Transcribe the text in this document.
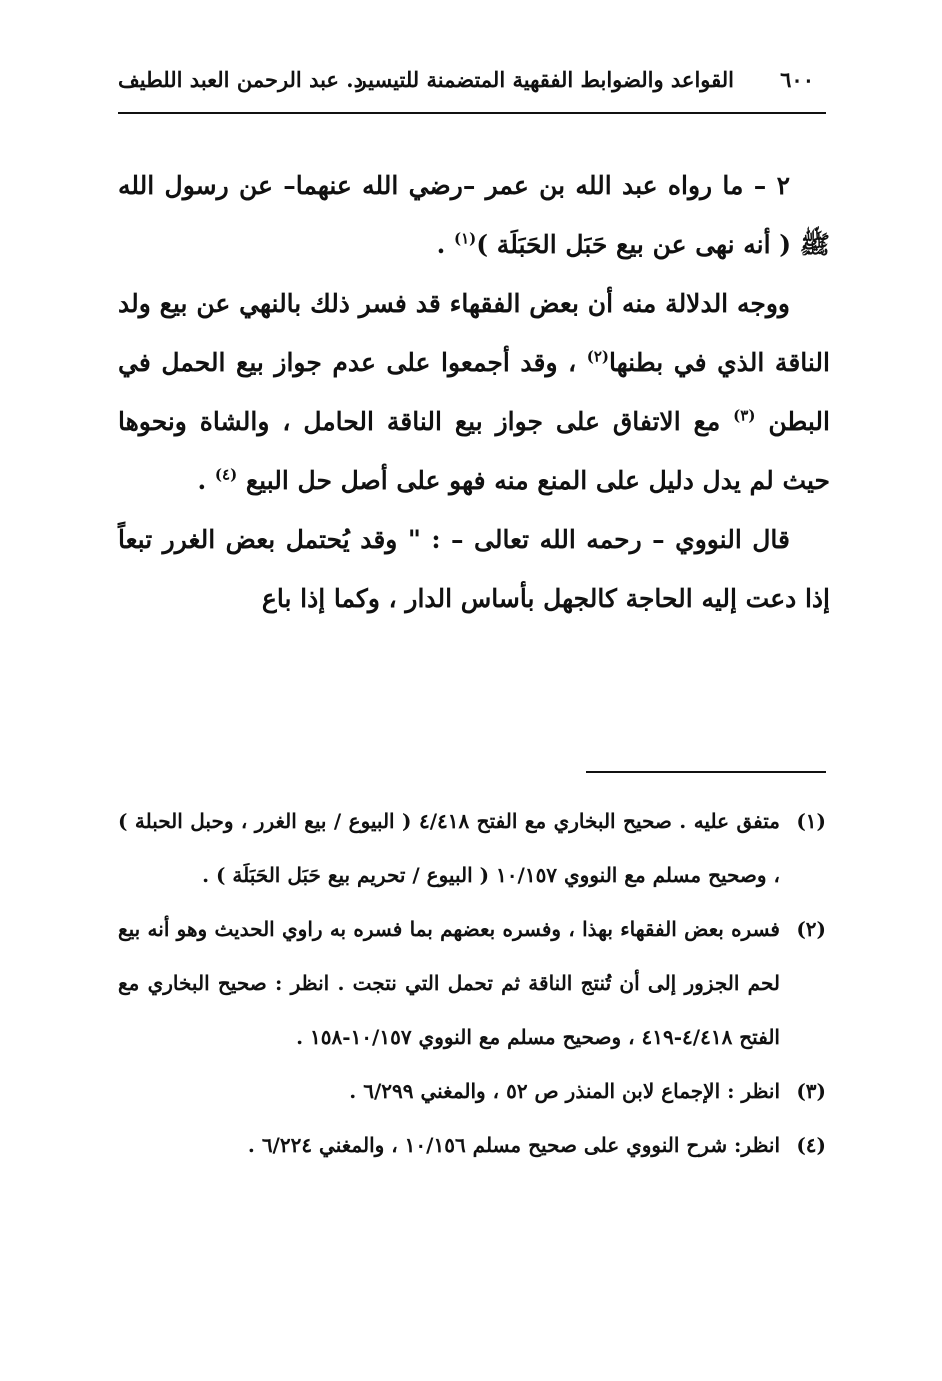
٦٠٠
القواعد والضوابط الفقهية المتضمنة للتيسير
د. عبد الرحمن العبد اللطيف

٢ – ما رواه عبد الله بن عمر –رضي الله عنهما– عن رسول الله ﷺ ( أنه نهى عن بيع حَبَل الحَبَلَة )$^{(١)}$ .

ووجه الدلالة منه أن بعض الفقهاء قد فسر ذلك بالنهي عن بيع ولد الناقة الذي في بطنها$^{(٢)}$ ، وقد أجمعوا على عدم جواز بيع الحمل في البطن $^{(٣)}$ مع الاتفاق على جواز بيع الناقة الحامل ، والشاة ونحوها حيث لم يدل دليل على المنع منه فهو على أصل حل البيع $^{(٤)}$ .

قال النووي – رحمه الله تعالى – : " وقد يُحتمل بعض الغرر تبعاً إذا دعت إليه الحاجة كالجهل بأساس الدار ، وكما إذا باع

(١)
متفق عليه . صحيح البخاري مع الفتح ٤/٤١٨ ( البيوع / بيع الغرر ، وحبل الحبلة ) ، وصحيح مسلم مع النووي ١٠/١٥٧ ( البيوع / تحريم بيع حَبَل الحَبَلَة ) .

(٢)
فسره بعض الفقهاء بهذا ، وفسره بعضهم بما فسره به راوي الحديث وهو أنه بيع لحم الجزور إلى أن تُنتج الناقة ثم تحمل التي نتجت . انظر : صحيح البخاري مع الفتح ٤/٤١٨-٤١٩ ، وصحيح مسلم مع النووي ١٠/١٥٧-١٥٨ .

(٣)
انظر : الإجماع لابن المنذر ص ٥٢ ، والمغني ٦/٢٩٩ .

(٤)
انظر: شرح النووي على صحيح مسلم ١٠/١٥٦ ، والمغني ٦/٢٢٤ .
